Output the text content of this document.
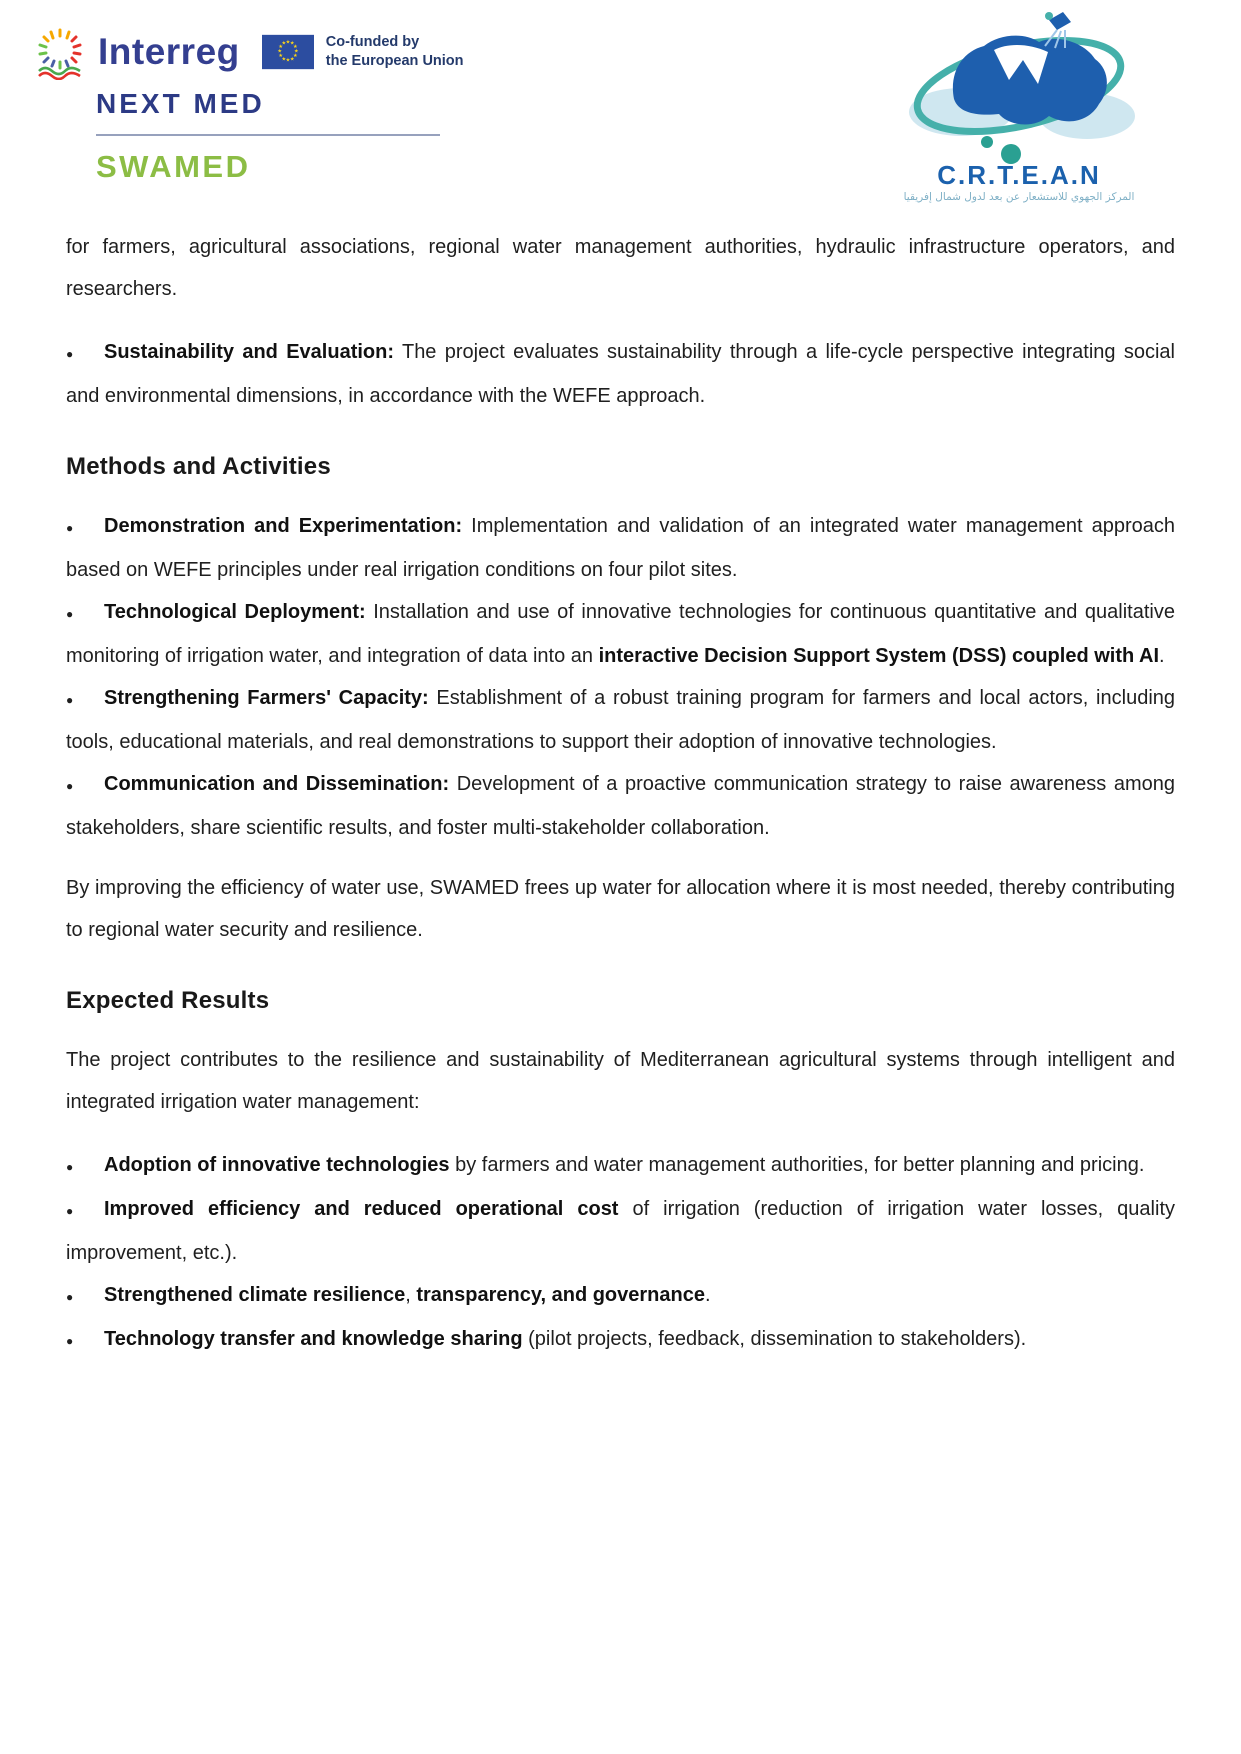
Interreg	★ ★
★
★
★
★
★
★
★
★
★
★	Co-funded by
the European Union
NEXT MED
SWAMED	C.R.T.E.A.N
المركز الجهوي للاستشعار عن بعد لدول شمال إفريقيا

for farmers, agricultural associations, regional water management authorities, hydraulic infrastructure operators, and researchers.

● Sustainability and Evaluation: The project evaluates sustainability through a life-cycle perspective integrating social and environmental dimensions, in accordance with the WEFE approach.

Methods and Activities

● Demonstration and Experimentation: Implementation and validation of an integrated water management approach based on WEFE principles under real irrigation conditions on four pilot sites.

● Technological Deployment: Installation and use of innovative technologies for continuous quantitative and qualitative monitoring of irrigation water, and integration of data into an interactive Decision Support System (DSS) coupled with AI.

● Strengthening Farmers' Capacity: Establishment of a robust training program for farmers and local actors, including tools, educational materials, and real demonstrations to support their adoption of innovative technologies.

● Communication and Dissemination: Development of a proactive communication strategy to raise awareness among stakeholders, share scientific results, and foster multi-stakeholder collaboration.

By improving the efficiency of water use, SWAMED frees up water for allocation where it is most needed, thereby contributing to regional water security and resilience.

Expected Results

The project contributes to the resilience and sustainability of Mediterranean agricultural systems through intelligent and integrated irrigation water management:

● Adoption of innovative technologies by farmers and water management authorities, for better planning and pricing.

● Improved efficiency and reduced operational cost of irrigation (reduction of irrigation water losses, quality improvement, etc.).

● Strengthened climate resilience, transparency, and governance.

● Technology transfer and knowledge sharing (pilot projects, feedback, dissemination to stakeholders).
